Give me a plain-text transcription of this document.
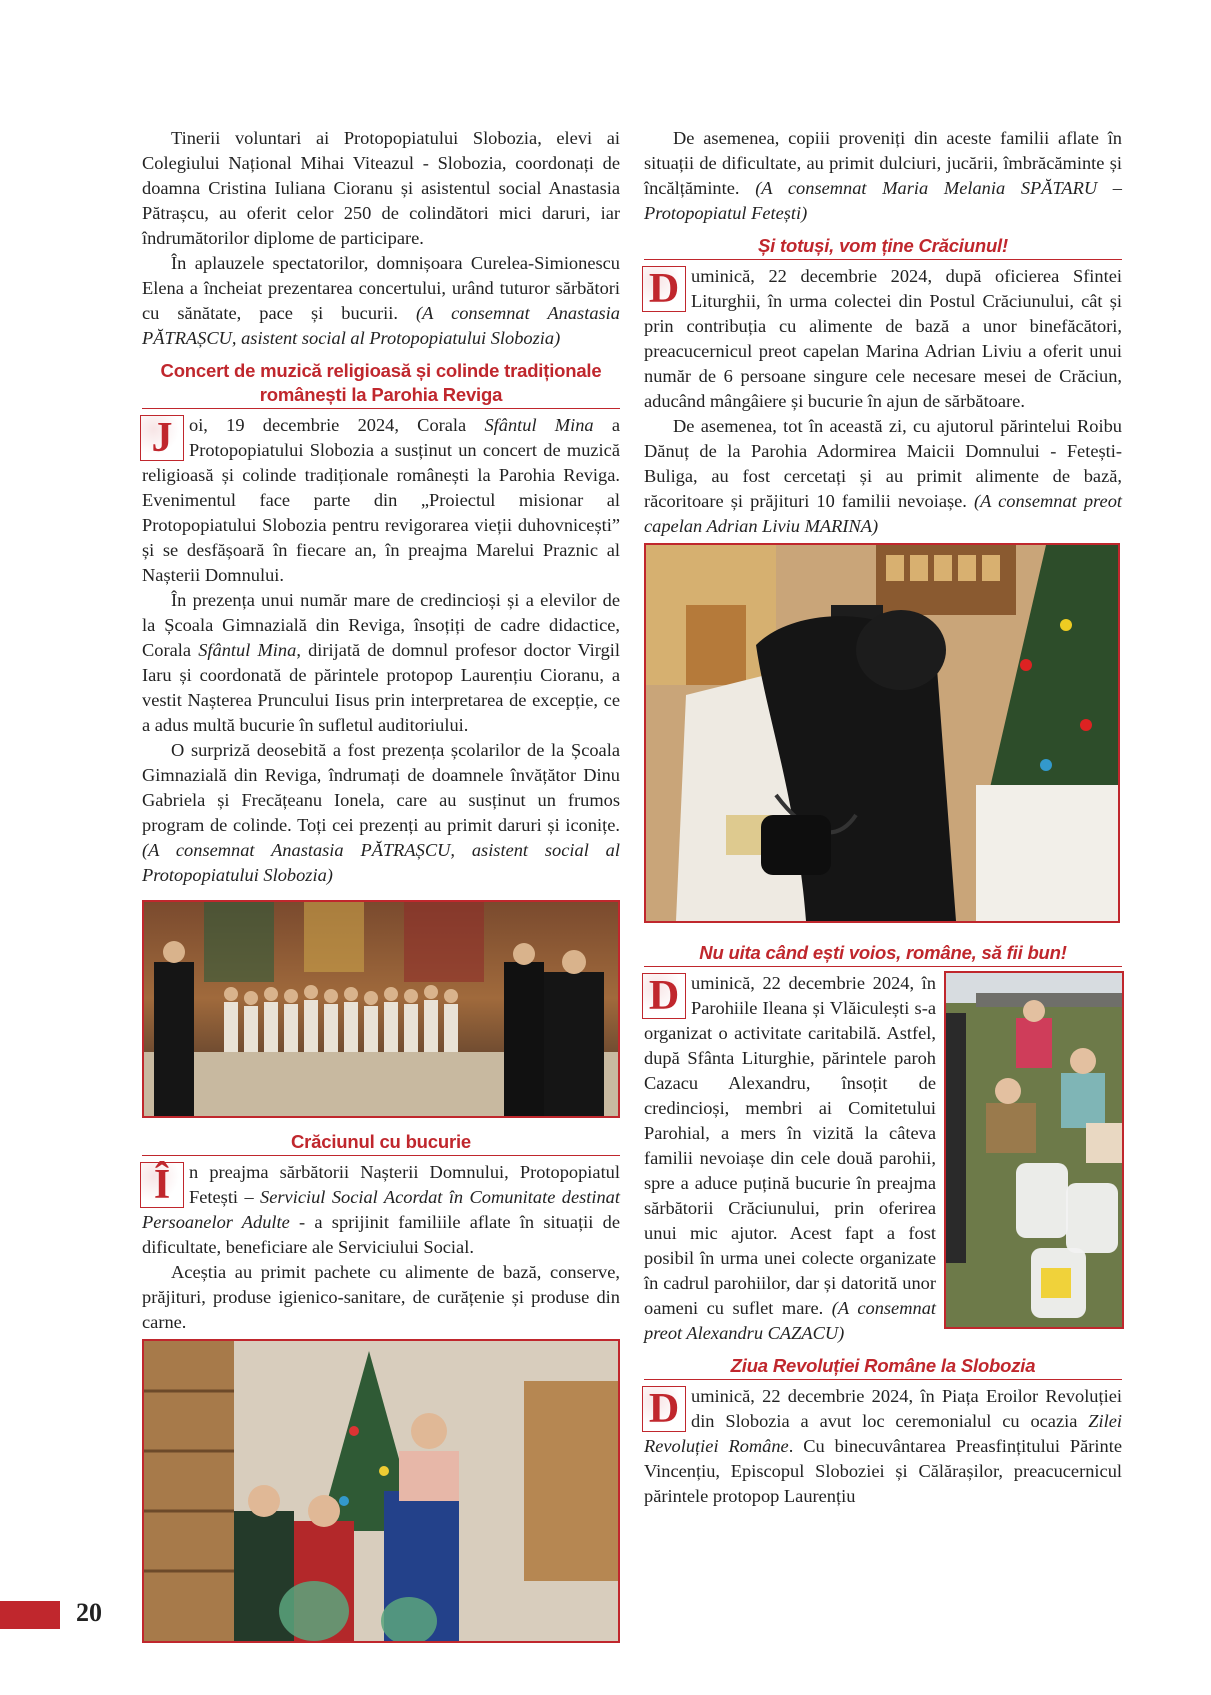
Tinerii voluntari ai Protopopiatului Slobozia, elevi ai Colegiului Național Mihai Viteazul - Slobozia, coordonați de doamna Cristina Iuliana Cioranu și asistentul social Anastasia Pătrașcu, au oferit celor 250 de colindători mici daruri, iar îndrumătorilor diplome de participare.

În aplauzele spectatorilor, domnișoara Curelea-Simionescu Elena a încheiat prezentarea concertului, urând tuturor sărbători cu sănătate, pace și bucurii. (A consemnat Anastasia PĂTRAȘCU, asistent social al Protopopiatului Slobozia)

Concert de muzică religioasă și colinde tradiționale românești la Parohia Reviga

J oi, 19 decembrie 2024, Corala Sfântul Mina a Protopopiatului Slobozia a susținut un concert de muzică religioasă și colinde tradiționale românești la Parohia Reviga. Evenimentul face parte din „Proiectul misionar al Protopopiatului Slobozia pentru revigorarea vieții duhovnicești” și se desfășoară în fiecare an, în preajma Marelui Praznic al Nașterii Domnului.

În prezența unui număr mare de credincioși și a elevilor de la Școala Gimnazială din Reviga, însoțiți de cadre didactice, Corala Sfântul Mina, dirijată de domnul profesor doctor Virgil Iaru și coordonată de părintele protopop Laurențiu Cioranu, a vestit Nașterea Pruncului Iisus prin interpretarea de excepție, ce a adus multă bucurie în sufletul auditoriului.

O surpriză deosebită a fost prezența școlarilor de la Școala Gimnazială din Reviga, îndrumați de doamnele învățător Dinu Gabriela și Frecățeanu Ionela, care au susținut un frumos program de colinde. Toți cei prezenți au primit daruri și iconițe. (A consemnat Anastasia PĂTRAȘCU, asistent social al Protopopiatului Slobozia)

Crăciunul cu bucurie

Î	n preajma sărbătorii Nașterii Domnului, Protopopiatul Fetești – Serviciul Social Acordat în Comunitate destinat Persoanelor Adulte - a sprijinit familiile aflate în situații de dificultate, beneficiare ale Serviciului Social.

Aceștia au primit pachete cu alimente de bază, conserve, prăjituri, produse igienico-sanitare, de curățenie și produse din carne.

De asemenea, copiii proveniți din aceste familii aflate în situații de dificultate, au primit dulciuri, jucării, îmbrăcăminte și încălțăminte. (A consemnat Maria Melania SPĂTARU – Protopopiatul Fetești)

Și totuși, vom ține Crăciunul!

D uminică, 22 decembrie 2024, după oficierea Sfintei Liturghii, în urma colectei din Postul Crăciunului, cât și prin contribuția cu alimente de bază a unor binefăcători, preacucernicul preot capelan Marina Adrian Liviu a oferit unui număr de 6 persoane singure cele necesare mesei de Crăciun, aducând mângâiere și bucurie în ajun de sărbătoare.

De asemenea, tot în această zi, cu ajutorul părintelui Roibu Dănuț de la Parohia Adormirea Maicii Domnului - Fetești-Buliga, au fost cercetați și au primit alimente de bază, răcoritoare și prăjituri 10 familii nevoiașe. (A consemnat preot capelan Adrian Liviu MARINA)

Nu uita când ești voios, române, să fii bun!

D uminică, 22 decembrie 2024, în Parohiile Ileana și Vlăiculești s-a organizat o activitate caritabilă. Astfel, după Sfânta Liturghie, părintele paroh Cazacu Alexandru, însoțit de credincioși, membri ai Comitetului Parohial, a mers în vizită la câteva familii nevoiașe din cele două parohii, spre a aduce puțină bucurie în preajma sărbătorii Crăciunului, prin oferirea unui mic ajutor. Acest fapt a fost posibil în urma unei colecte organizate în cadrul parohiilor, dar și datorită unor oameni cu suflet mare. (A consemnat preot Alexandru CAZACU)

Ziua Revoluției Române la Slobozia

D uminică, 22 decembrie 2024, în Piața Eroilor Revoluției din Slobozia a avut loc ceremonialul cu ocazia Zilei Revoluției Române. Cu binecuvântarea Preasfințitului Părinte Vincențiu, Episcopul Sloboziei și Călărașilor, preacucernicul părintele protopop Laurențiu

20
